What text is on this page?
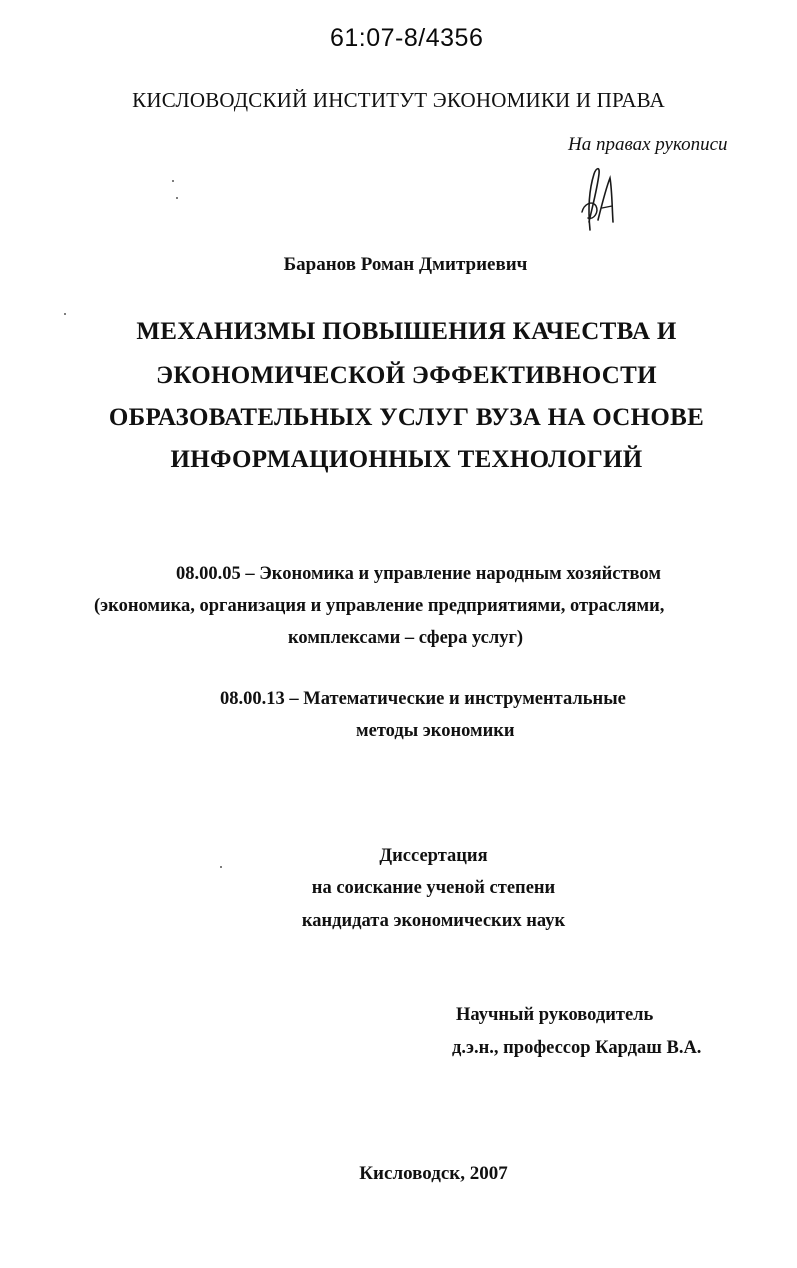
61:07-8/4356
КИСЛОВОДСКИЙ ИНСТИТУТ ЭКОНОМИКИ И ПРАВА
На правах рукописи
Баранов Роман Дмитриевич
МЕХАНИЗМЫ ПОВЫШЕНИЯ КАЧЕСТВА И
ЭКОНОМИЧЕСКОЙ ЭФФЕКТИВНОСТИ
ОБРАЗОВАТЕЛЬНЫХ УСЛУГ ВУЗА НА ОСНОВЕ
ИНФОРМАЦИОННЫХ ТЕХНОЛОГИЙ
08.00.05 – Экономика и управление народным хозяйством
(экономика, организация и управление предприятиями, отраслями,
комплексами – сфера услуг)
08.00.13 – Математические и инструментальные
методы экономики
Диссертация
на соискание ученой степени
кандидата экономических наук
Научный руководитель
д.э.н., профессор Кардаш В.А.
Кисловодск, 2007
